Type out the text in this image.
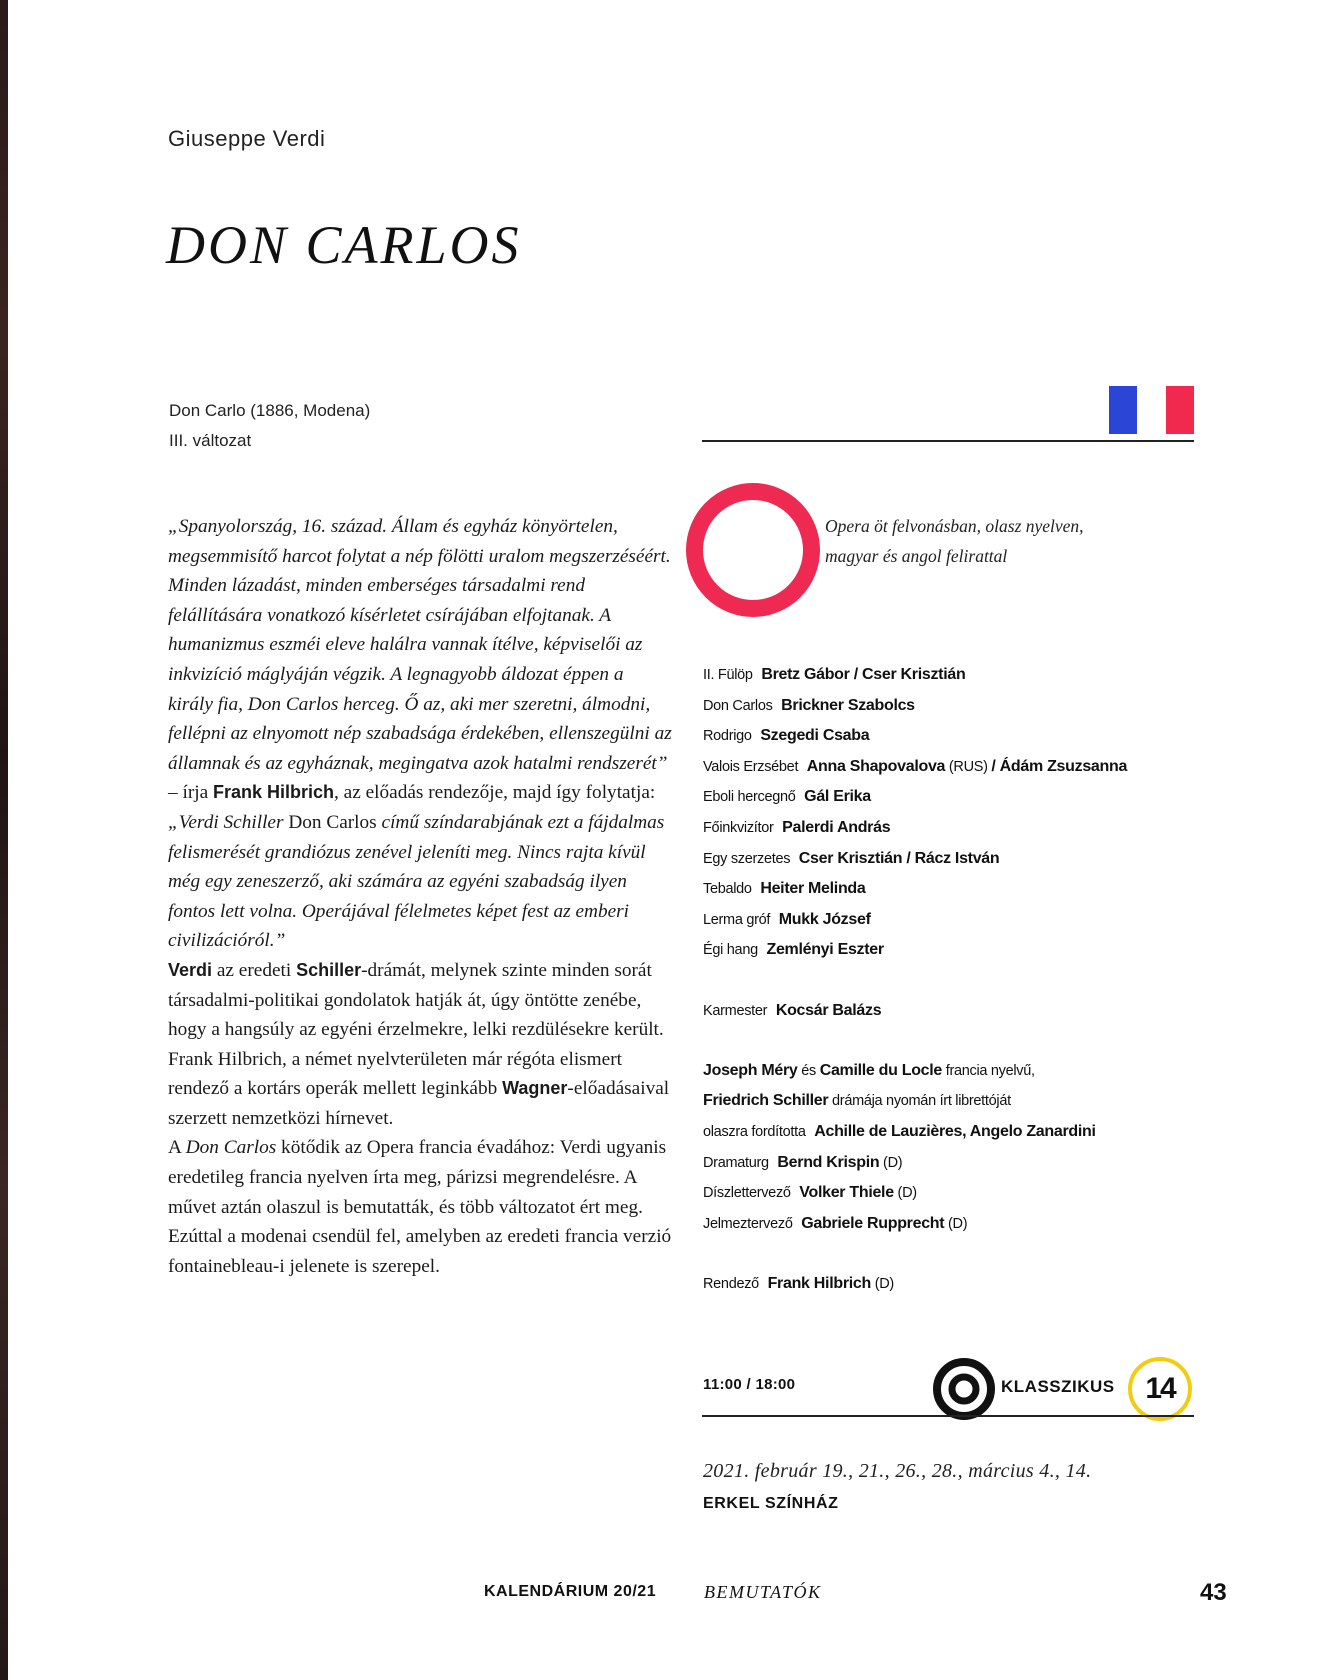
Giuseppe Verdi
DON CARLOS
Don Carlo (1886, Modena)
III. változat

„Spanyolország, 16. század. Állam és egyház könyörtelen, megsemmisítő harcot folytat a nép fölötti uralom megszerzéséért. Minden lázadást, minden emberséges társadalmi rend felállítására vonatkozó kísérletet csírájában elfojtanak. A humanizmus eszméi eleve halálra vannak ítélve, képviselői az inkvizíció máglyáján végzik. A legnagyobb áldozat éppen a király fia, Don Carlos herceg. Ő az, aki mer szeretni, álmodni, fellépni az elnyomott nép szabadsága érdekében, ellenszegülni az államnak és az egyháznak, megingatva azok hatalmi rendszerét” – írja Frank Hilbrich, az előadás rendezője, majd így folytatja: „Verdi Schiller Don Carlos című színdarabjának ezt a fájdalmas felismerését grandiózus zenével jeleníti meg. Nincs rajta kívül még egy zeneszerző, aki számára az egyéni szabadság ilyen fontos lett volna. Operájával félelmetes képet fest az emberi civilizációról.”

Verdi az eredeti Schiller-drámát, melynek szinte minden sorát társadalmi-politikai gondolatok hatják át, úgy öntötte zenébe, hogy a hangsúly az egyéni érzelmekre, lelki rezdülésekre került.

Frank Hilbrich, a német nyelvterületen már régóta elismert rendező a kortárs operák mellett leginkább Wagner-előadásaival szerzett nemzetközi hírnevet.

A Don Carlos kötődik az Opera francia évadához: Verdi ugyanis eredetileg francia nyelven írta meg, párizsi megrendelésre. A művet aztán olaszul is bemutatták, és több változatot ért meg. Ezúttal a modenai csendül fel, amelyben az eredeti francia verzió fontainebleau-i jelenete is szerepel.

Opera öt felvonásban, olasz nyelven,
magyar és angol felirattal
II. Fülöp Bretz Gábor / Cser Krisztián
Don Carlos Brickner Szabolcs
Rodrigo Szegedi Csaba
Valois Erzsébet Anna Shapovalova (RUS) / Ádám Zsuzsanna
Eboli hercegnő Gál Erika
Főinkvizítor Palerdi András
Egy szerzetes Cser Krisztián / Rácz István
Tebaldo Heiter Melinda
Lerma gróf Mukk József
Égi hang Zemlényi Eszter
Karmester Kocsár Balázs
Joseph Méry és Camille du Locle francia nyelvű,
Friedrich Schiller drámája nyomán írt librettóját
olaszra fordította Achille de Lauzières, Angelo Zanardini
Dramaturg Bernd Krispin (D)
Díszlettervező Volker Thiele (D)
Jelmeztervező Gabriele Rupprecht (D)
Rendező Frank Hilbrich (D)
11:00 / 18:00	KLASSZIKUS	14
2021. február 19., 21., 26., 28., március 4., 14.
ERKEL SZÍNHÁZ
KALENDÁRIUM 20/21	BEMUTATÓK	43
